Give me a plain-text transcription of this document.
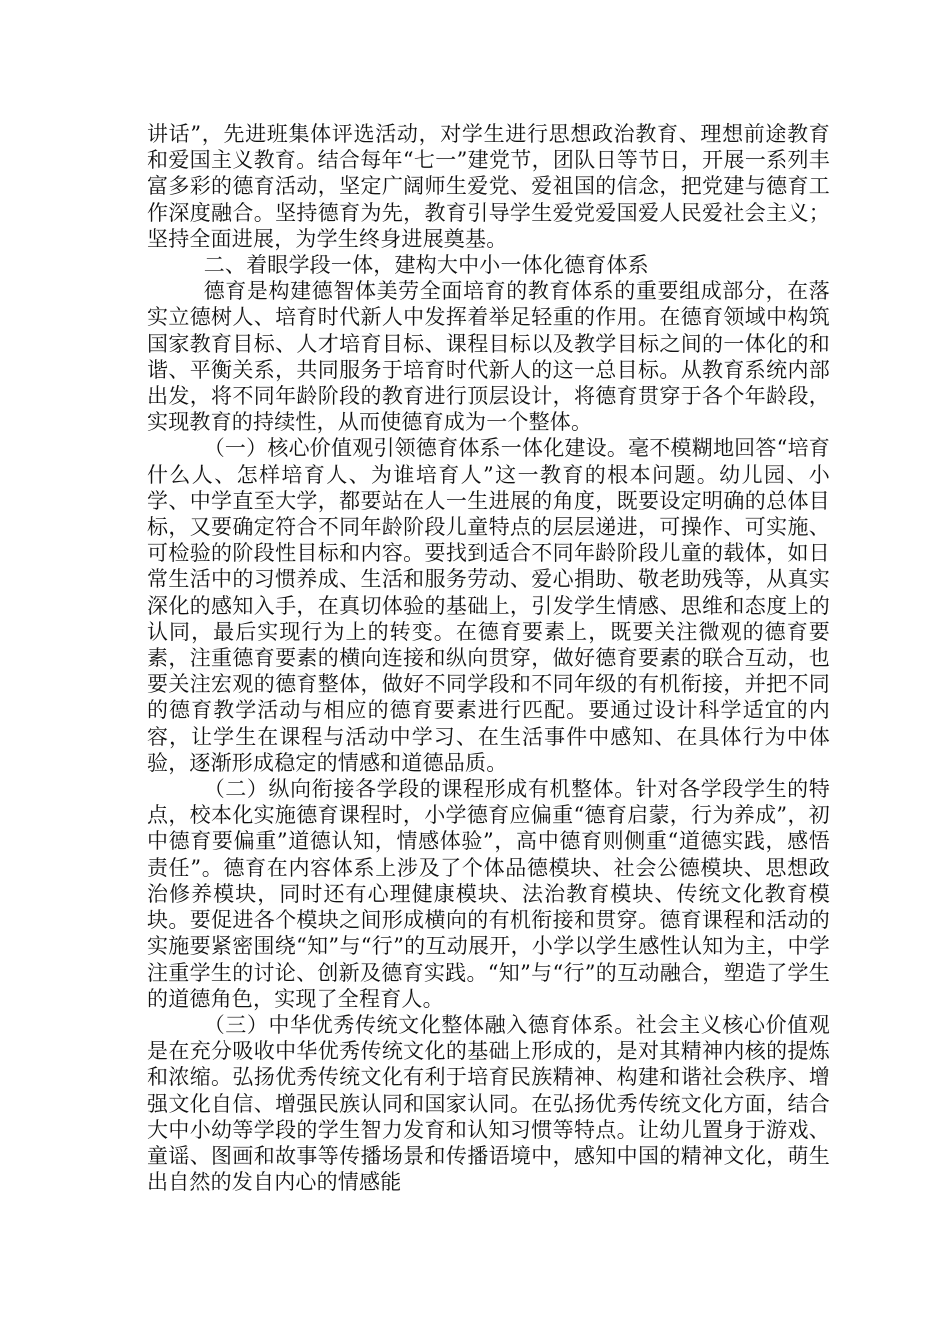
讲话”，先进班集体评选活动，对学生进行思想政治教育、理想前途教育和爱国主义教育。结合每年“七一”建党节，团队日等节日，开展一系列丰富多彩的德育活动，坚定广阔师生爱党、爱祖国的信念，把党建与德育工作深度融合。坚持德育为先，教育引导学生爱党爱国爱人民爱社会主义；坚持全面进展，为学生终身进展奠基。

二、着眼学段一体，建构大中小一体化德育体系

德育是构建德智体美劳全面培育的教育体系的重要组成部分，在落实立德树人、培育时代新人中发挥着举足轻重的作用。在德育领域中构筑国家教育目标、人才培育目标、课程目标以及教学目标之间的一体化的和谐、平衡关系，共同服务于培育时代新人的这一总目标。从教育系统内部出发，将不同年龄阶段的教育进行顶层设计，将德育贯穿于各个年龄段，实现教育的持续性，从而使德育成为一个整体。

（一）核心价值观引领德育体系一体化建设。毫不模糊地回答“培育什么人、怎样培育人、为谁培育人”这一教育的根本问题。幼儿园、小学、中学直至大学，都要站在人一生进展的角度，既要设定明确的总体目标，又要确定符合不同年龄阶段儿童特点的层层递进，可操作、可实施、可检验的阶段性目标和内容。要找到适合不同年龄阶段儿童的载体，如日常生活中的习惯养成、生活和服务劳动、爱心捐助、敬老助残等，从真实深化的感知入手，在真切体验的基础上，引发学生情感、思维和态度上的认同，最后实现行为上的转变。在德育要素上，既要关注微观的德育要素，注重德育要素的横向连接和纵向贯穿，做好德育要素的联合互动，也要关注宏观的德育整体，做好不同学段和不同年级的有机衔接，并把不同的德育教学活动与相应的德育要素进行匹配。要通过设计科学适宜的内容，让学生在课程与活动中学习、在生活事件中感知、在具体行为中体验，逐渐形成稳定的情感和道德品质。

（二）纵向衔接各学段的课程形成有机整体。针对各学段学生的特点，校本化实施德育课程时，小学德育应偏重“德育启蒙，行为养成”，初中德育要偏重”道德认知，情感体验”，高中德育则侧重“道德实践，感悟责任”。德育在内容体系上涉及了个体品德模块、社会公德模块、思想政治修养模块，同时还有心理健康模块、法治教育模块、传统文化教育模块。要促进各个模块之间形成横向的有机衔接和贯穿。德育课程和活动的实施要紧密围绕“知”与“行”的互动展开，小学以学生感性认知为主，中学注重学生的讨论、创新及德育实践。“知”与“行”的互动融合，塑造了学生的道德角色，实现了全程育人。

（三）中华优秀传统文化整体融入德育体系。社会主义核心价值观是在充分吸收中华优秀传统文化的基础上形成的，是对其精神内核的提炼和浓缩。弘扬优秀传统文化有利于培育民族精神、构建和谐社会秩序、增强文化自信、增强民族认同和国家认同。在弘扬优秀传统文化方面，结合大中小幼等学段的学生智力发育和认知习惯等特点。让幼儿置身于游戏、童谣、图画和故事等传播场景和传播语境中，感知中国的精神文化，萌生出自然的发自内心的情感能
